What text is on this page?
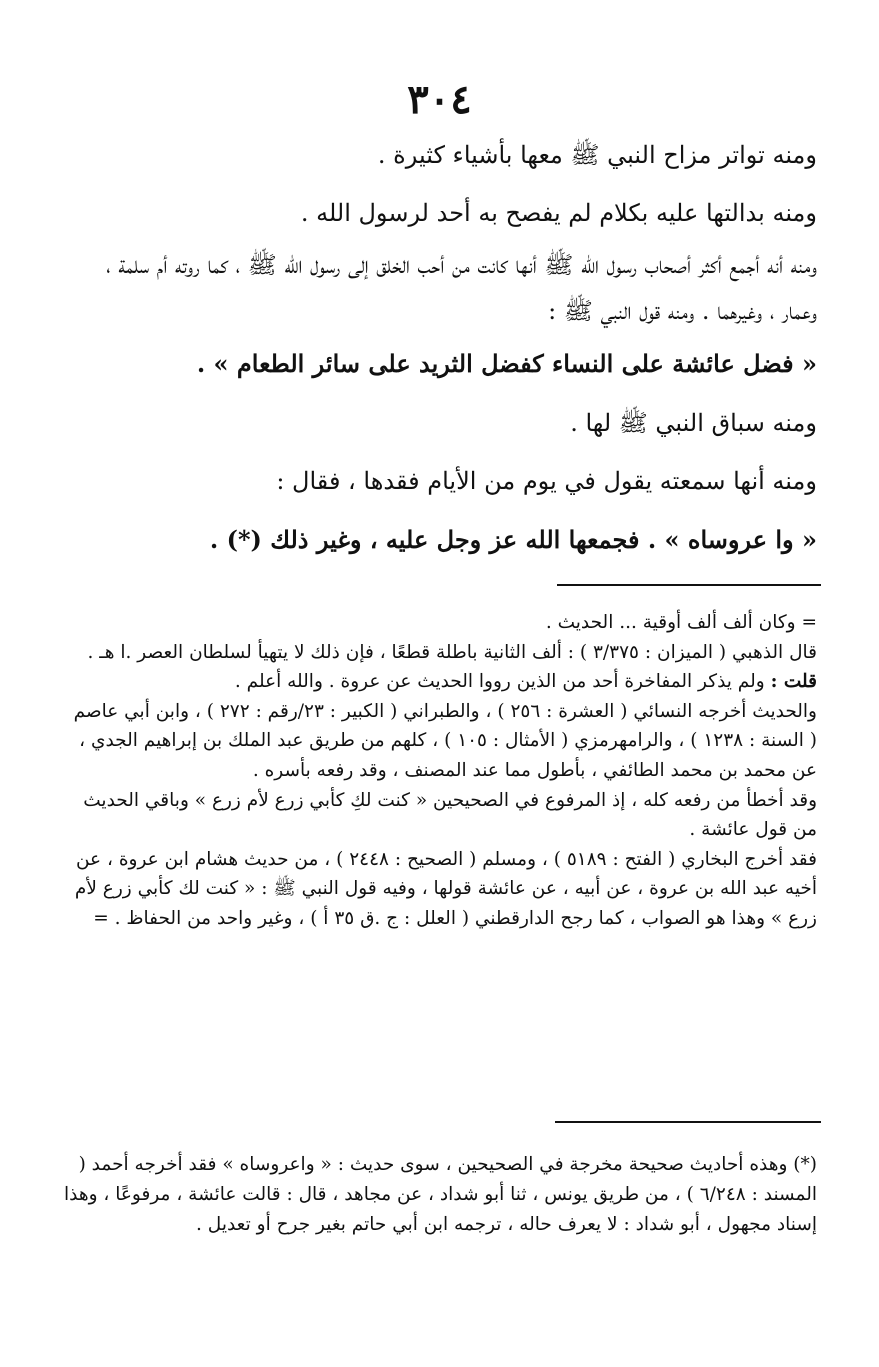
٣٠٤

ومنه تواتر مزاح النبي ﷺ معها بأشياء كثيرة .

ومنه بدالتها عليه بكلام لم يفصح به أحد لرسول الله .

ومنه أنه أجمع أكثر أصحاب رسول الله ﷺ أنها كانت من أحب الخلق إلى رسول الله ﷺ ، كما روته أم سلمة ، وعمار ، وغيرهما . ومنه قول النبي ﷺ :

« فضل عائشة على النساء كفضل الثريد على سائر الطعام » .

ومنه سباق النبي ﷺ لها .

ومنه أنها سمعته يقول في يوم من الأيام فقدها ، فقال :

« وا عروساه » . فجمعها الله عز وجل عليه ، وغير ذلك (*) .

= وكان ألف ألف أوقية ... الحديث .

قال الذهبي ( الميزان : ٣/٣٧٥ ) : ألف الثانية باطلة قطعًا ، فإن ذلك لا يتهيأ لسلطان العصر .ا هـ .

قلت : ولم يذكر المفاخرة أحد من الذين رووا الحديث عن عروة . والله أعلم .

والحديث أخرجه النسائي ( العشرة : ٢٥٦ ) ، والطبراني ( الكبير : ٢٣/رقم : ٢٧٢ ) ، وابن أبي عاصم ( السنة : ١٢٣٨ ) ، والرامهرمزي ( الأمثال : ١٠٥ ) ، كلهم من طريق عبد الملك بن إبراهيم الجدي ، عن محمد بن محمد الطائفي ، بأطول مما عند المصنف ، وقد رفعه بأسره .

وقد أخطأ من رفعه كله ، إذ المرفوع في الصحيحين « كنت لكِ كأبي زرع لأم زرع » وباقي الحديث من قول عائشة .

فقد أخرج البخاري ( الفتح : ٥١٨٩ ) ، ومسلم ( الصحيح : ٢٤٤٨ ) ، من حديث هشام ابن عروة ، عن أخيه عبد الله بن عروة ، عن أبيه ، عن عائشة قولها ، وفيه قول النبي ﷺ : « كنت لك كأبي زرع لأم زرع » وهذا هو الصواب ، كما رجح الدارقطني ( العلل : ج .ق ٣٥ أ ) ، وغير واحد من الحفاظ . =

(*) وهذه أحاديث صحيحة مخرجة في الصحيحين ، سوى حديث : « واعروساه » فقد أخرجه أحمد ( المسند : ٦/٢٤٨ ) ، من طريق يونس ، ثنا أبو شداد ، عن مجاهد ، قال : قالت عائشة ، مرفوعًا ، وهذا إسناد مجهول ، أبو شداد : لا يعرف حاله ، ترجمه ابن أبي حاتم بغير جرح أو تعديل .
